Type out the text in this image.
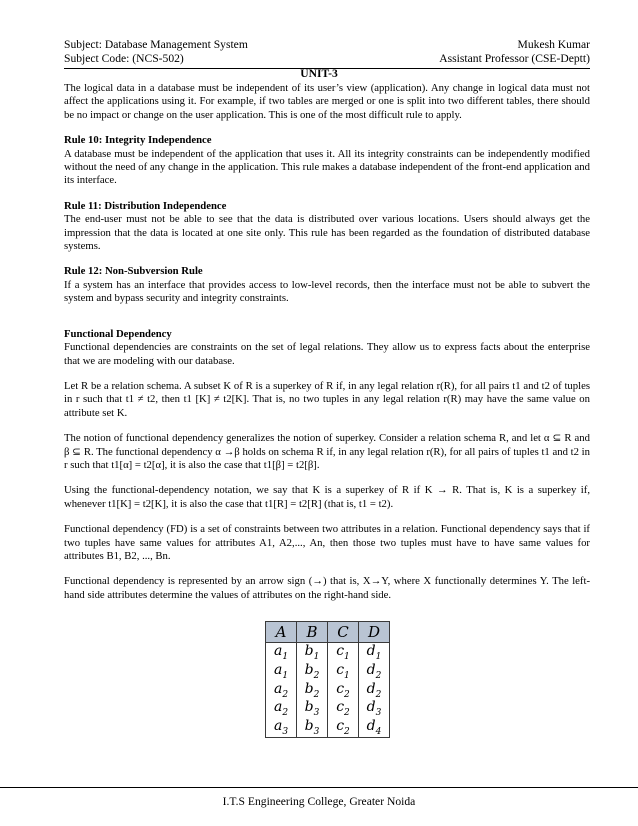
Subject: Database Management System	Mukesh Kumar
Subject Code: (NCS-502)	Assistant Professor (CSE-Deptt)
UNIT-3

The logical data in a database must be independent of its user’s view (application). Any change in logical data must not affect the applications using it. For example, if two tables are merged or one is split into two different tables, there should be no impact or change on the user application. This is one of the most difficult rule to apply.

Rule 10: Integrity Independence
A database must be independent of the application that uses it. All its integrity constraints can be independently modified without the need of any change in the application. This rule makes a database independent of the front-end application and its interface.

Rule 11: Distribution Independence
The end-user must not be able to see that the data is distributed over various locations. Users should always get the impression that the data is located at one site only. This rule has been regarded as the foundation of distributed database systems.

Rule 12: Non-Subversion Rule
If a system has an interface that provides access to low-level records, then the interface must not be able to subvert the system and bypass security and integrity constraints.

Functional Dependency
Functional dependencies are constraints on the set of legal relations. They allow us to express facts about the enterprise that we are modeling with our database.

Let R be a relation schema. A subset K of R is a superkey of R if, in any legal relation r(R), for all pairs t1 and t2 of tuples in r such that t1 ≠ t2, then t1 [K] ≠ t2[K]. That is, no two tuples in any legal relation r(R) may have the same value on attribute set K.

The notion of functional dependency generalizes the notion of superkey. Consider a relation schema R, and let α ⊆ R and β ⊆ R. The functional dependency α →β holds on schema R if, in any legal relation r(R), for all pairs of tuples t1 and t2 in r such that t1[α] = t2[α], it is also the case that t1[β] = t2[β].

Using the functional-dependency notation, we say that K is a superkey of R if K → R. That is, K is a superkey if, whenever t1[K] = t2[K], it is also the case that t1[R] = t2[R] (that is, t1 = t2).

Functional dependency (FD) is a set of constraints between two attributes in a relation. Functional dependency says that if two tuples have same values for attributes A1, A2,..., An, then those two tuples must have to have same values for attributes B1, B2, ..., Bn.

Functional dependency is represented by an arrow sign (→) that is, X→Y, where X functionally determines Y. The left-hand side attributes determine the values of attributes on the right-hand side.

A	B	C	D
$a_1$	$b_1$	$c_1$	$d_1$
$a_1$	$b_2$	$c_1$	$d_2$
$a_2$	$b_2$	$c_2$	$d_2$
$a_2$	$b_3$	$c_2$	$d_3$
$a_3$	$b_3$	$c_2$	$d_4$
I.T.S Engineering College, Greater Noida
